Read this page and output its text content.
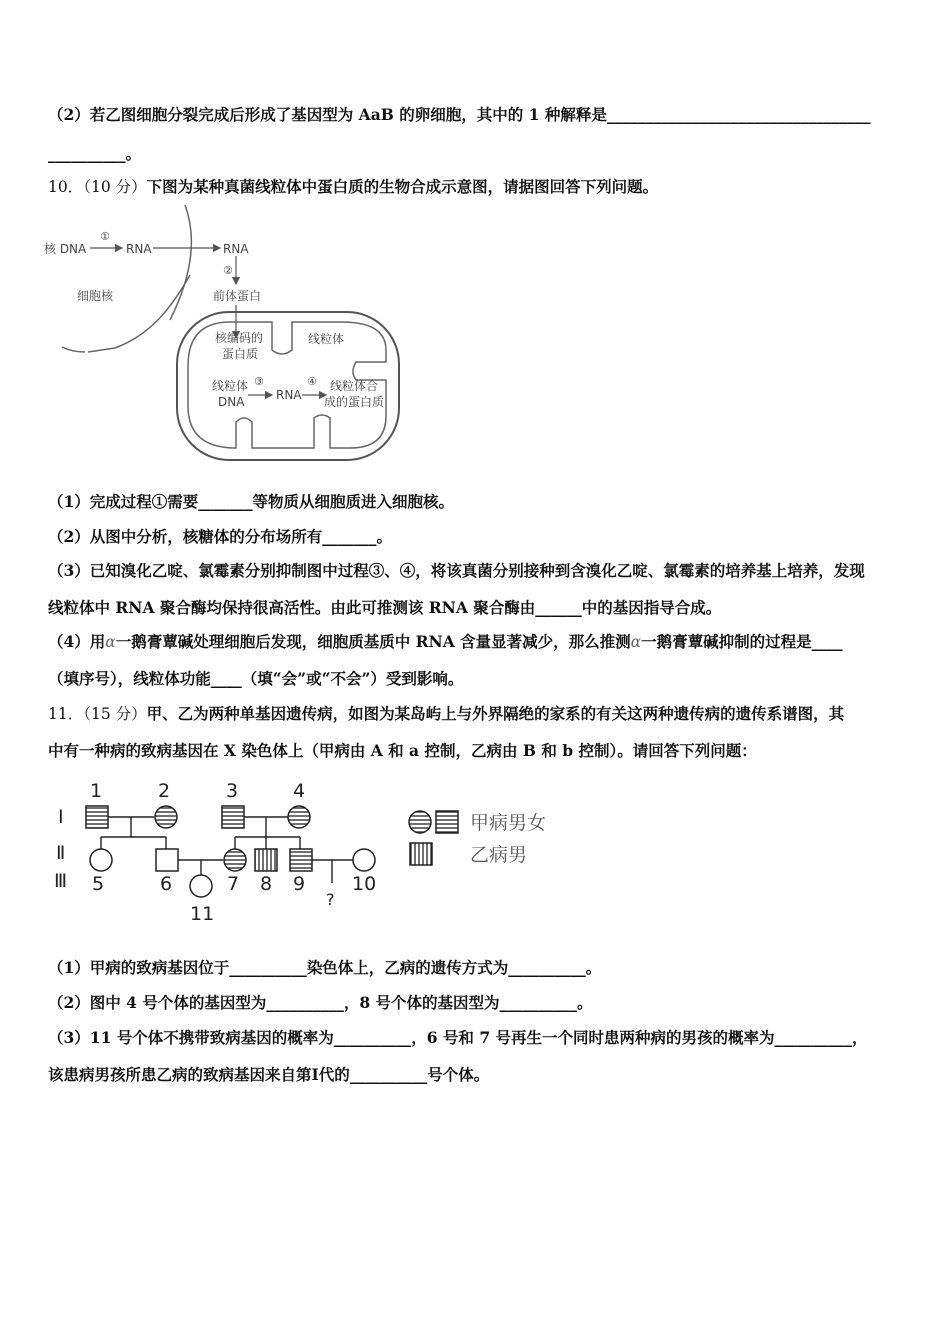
（2）若乙图细胞分裂完成后形成了基因型为 AaB 的卵细胞，其中的 1 种解释是__________________________________
__________。
10．（10 分）下图为某种真菌线粒体中蛋白质的生物合成示意图，请据图回答下列问题。
核 DNA
①
RNA	RNA
②
前体蛋白
细胞核
核编码的
蛋白质
线粒体
线粒体
DNA
③
RNA
④ 线粒体合
成的蛋白质
（1）完成过程①需要_______等物质从细胞质进入细胞核。
（2）从图中分析，核糖体的分布场所有_______。
（3）已知溴化乙啶、氯霉素分别抑制图中过程③、④，将该真菌分别接种到含溴化乙啶、氯霉素的培养基上培养，发现
线粒体中 RNA 聚合酶均保持很高活性。由此可推测该 RNA 聚合酶由______中的基因指导合成。
（4）用α一鹅膏蕈碱处理细胞后发现，细胞质基质中 RNA 含量显著减少，那么推测α一鹅膏蕈碱抑制的过程是____
（填序号），线粒体功能____（填“会”或“不会”）受到影响。
11．（15 分）甲、乙为两种单基因遗传病，如图为某岛屿上与外界隔绝的家系的有关这两种遗传病的遗传系谱图，其
中有一种病的致病基因在 X 染色体上（甲病由 A 和 a 控制，乙病由 B 和 b 控制）。请回答下列问题：
Ⅰ
Ⅱ
Ⅲ
1	2	3	4
5	6	7 8 9 10
11
?
甲病男女
乙病男
（1）甲病的致病基因位于__________染色体上，乙病的遗传方式为__________。
（2）图中 4 号个体的基因型为__________，8 号个体的基因型为__________。
（3）11 号个体不携带致病基因的概率为__________，6 号和 7 号再生一个同时患两种病的男孩的概率为__________，
该患病男孩所患乙病的致病基因来自第Ⅰ代的__________号个体。
